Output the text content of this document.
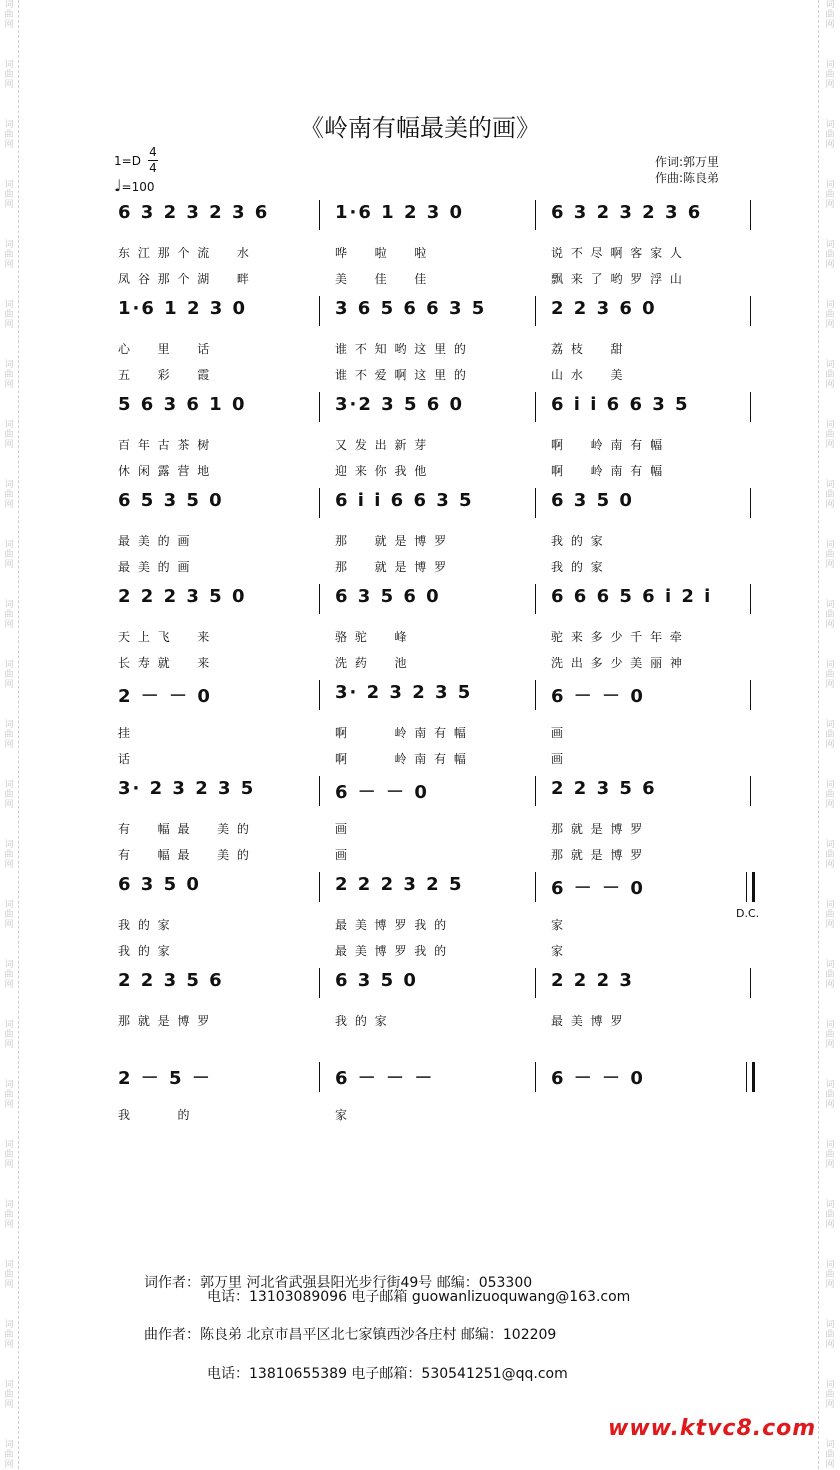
词
曲
网
词
曲
网
词
曲
网
词
曲
网
词
曲
网
词
曲
网
词
曲
网
词
曲
网
词
曲
网
词
曲
网
词
曲
网
词
曲
网
词
曲
网
词
曲
网
词
曲
网
词
曲
网
词
曲
网
词
曲
网
词
曲
网
词
曲
网
词
曲
网
词
曲
网
词
曲
网
词
曲
网
词
曲
网
词
曲
网
词
曲
网
词
曲
网
词
曲
网
词
曲
网
词
曲
网
词
曲
网
词
曲
网
词
曲
网
词
曲
网
词
曲
网
词
曲
网
词
曲
网
词
曲
网
词
曲
网
词
曲
网
词
曲
网
词
曲
网
词
曲
网
词
曲
网
词
曲
网
词
曲
网
词
曲
网
词
曲
网
词
曲
网
《岭南有幅最美的画》
1=D
4
4
♩=100
作词:郭万里
作曲:陈良弟
6 3 2 3 2 3 6	1·6 1 2 3 0	6 3 2 3 2 3 6
东 江 那 个 流 　 水	哗 　 啦 　 啦	说 不 尽 啊 客 家 人
凤 谷 那 个 湖 　 畔	美 　 佳 　 佳	飘 来 了 哟 罗 浮 山
1·6 1 2 3 0	3 6 5 6 6 3 5	2 2 3 6 0
心 　 里 　 话	谁 不 知 哟 这 里 的	荔 枝 　 甜
五 　 彩 　 霞	谁 不 爱 啊 这 里 的	山 水 　 美
5 6 3 6 1 0	3·2 3 5 6 0	6 i i 6 6 3 5
百 年 古 茶 树	又 发 出 新 芽	啊 　 岭 南 有 幅
休 闲 露 营 地	迎 来 你 我 他	啊 　 岭 南 有 幅
6 5 3 5 0	6 i i 6 6 3 5	6 3 5 0
最 美 的 画	那 　 就 是 博 罗	我 的 家
最 美 的 画	那 　 就 是 博 罗	我 的 家
2 2 2 3 5 0	6 3 5 6 0	6 6 6 5 6 i 2 i
天 上 飞 　 来	骆 驼 　 峰	驼 来 多 少 千 年 牵
长 寿 就 　 来	洗 药 　 池	洗 出 多 少 美 丽 神
2 － － 0	3· 2 3 2 3 5	6 － － 0
挂	啊 　 　 岭 南 有 幅	画
话	啊 　 　 岭 南 有 幅	画
3· 2 3 2 3 5	6 － － 0	2 2 3 5 6
有 　 幅 最 　 美 的	画	那 就 是 博 罗
有 　 幅 最 　 美 的	画	那 就 是 博 罗
6 3 5 0	2 2 2 3 2 5	6 － － 0
我 的 家	最 美 博 罗 我 的	家
我 的 家	最 美 博 罗 我 的	家
2 2 3 5 6	6 3 5 0	2 2 2 3
那 就 是 博 罗	我 的 家	最 美 博 罗
2 － 5 －	6 － － －	6 － － 0
我 　 　 的	家
D.C.
词作者：郭万里 河北省武强县阳光步行街49号 邮编：053300
电话：13103089096 电子邮箱 guowanlizuoquwang@163.com
曲作者：陈良弟 北京市昌平区北七家镇西沙各庄村 邮编：102209
电话：13810655389 电子邮箱：530541251@qq.com
www.ktvc8.com
